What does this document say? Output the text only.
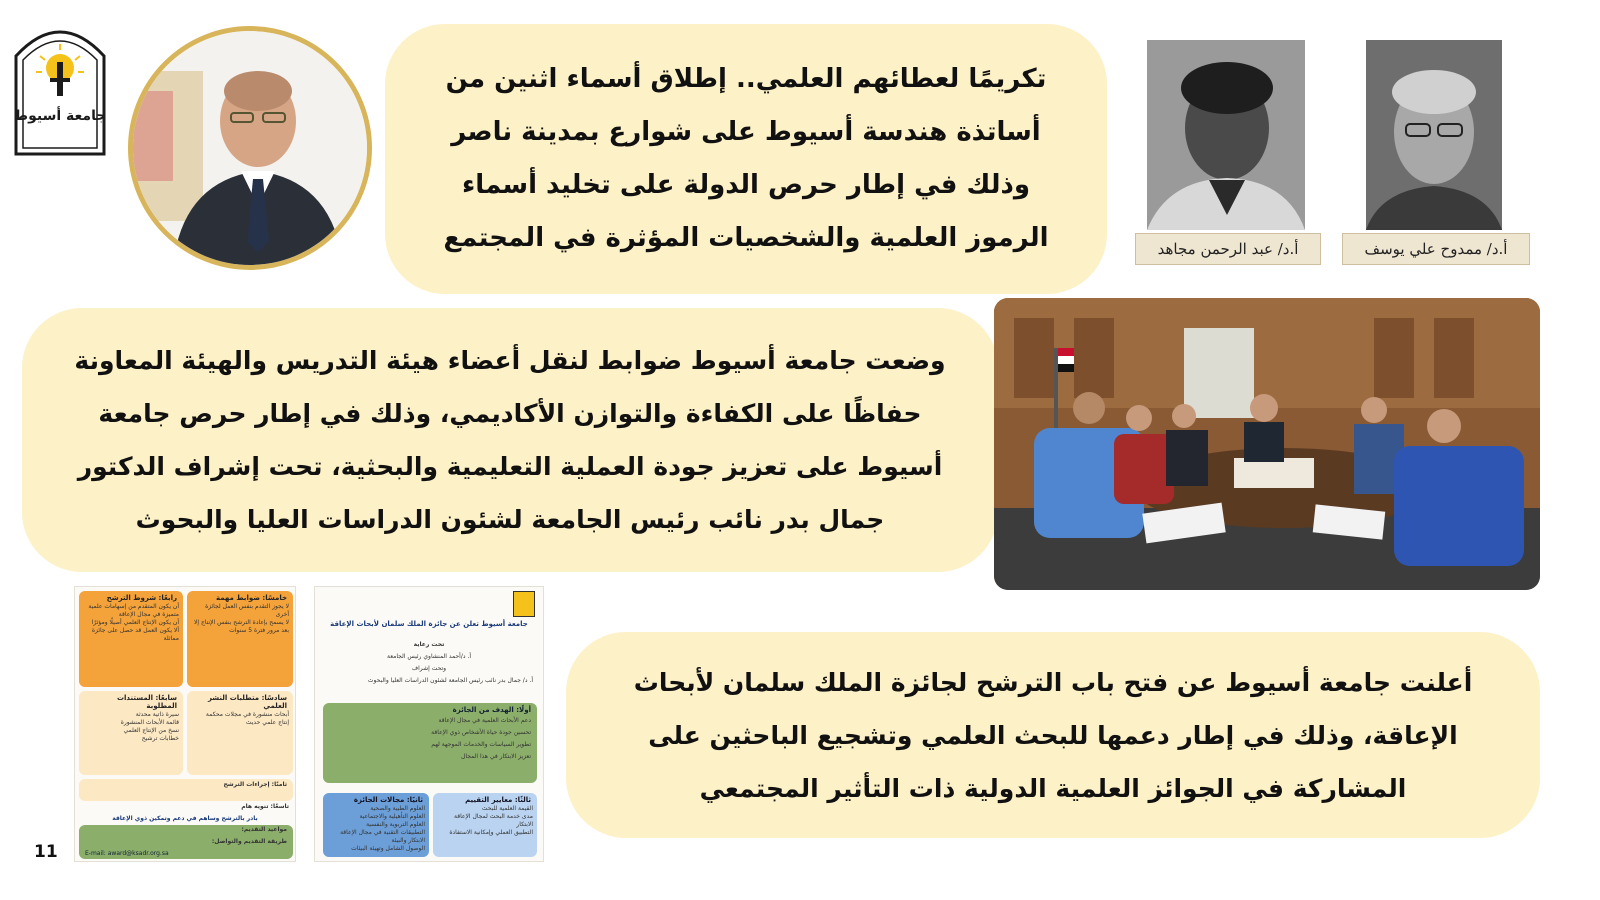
جامعة أسيوط

تكريمًا لعطائهم العلمي.. إطلاق أسماء اثنين من أساتذة هندسة أسيوط على شوارع بمدينة ناصر وذلك في إطار حرص الدولة على تخليد أسماء الرموز العلمية والشخصيات المؤثرة في المجتمع	أ.د/ عبد الرحمن مجاهد	أ.د/ ممدوح علي يوسف

وضعت جامعة أسيوط ضوابط لنقل أعضاء هيئة التدريس والهيئة المعاونة حفاظًا على الكفاءة والتوازن الأكاديمي، وذلك في إطار حرص جامعة أسيوط على تعزيز جودة العملية التعليمية والبحثية، تحت إشراف الدكتور جمال بدر نائب رئيس الجامعة لشئون الدراسات العليا والبحوث

جامعة أسيوط تعلن عن جائزة الملك سلمان لأبحاث الإعاقة
تحت رعاية
أ. د/أحمد المنشاوي رئيس الجامعة
وتحت إشراف
أ. د/ جمال بدر نائب رئيس الجامعة لشئون الدراسات العليا والبحوث
أولًا: الهدف من الجائزة
دعم الأبحاث العلمية في مجال الإعاقة
تحسين جودة حياة الأشخاص ذوي الإعاقة
تطوير السياسات والخدمات الموجهة لهم
تعزيز الابتكار في هذا المجال
ثانيًا: مجالات الجائزة
العلوم الطبية والصحية
العلوم التأهيلية والاجتماعية
العلوم التربوية والنفسية
التطبيقات التقنية في مجال الإعاقة
الابتكار والبيئة
الوصول الشامل وتهيئة البيئات
ثالثًا: معايير التقييم
القيمة العلمية للبحث
مدى خدمة البحث لمجال الإعاقة
الابتكار
التطبيق العملي وإمكانية الاستفادة
رابعًا: شروط الترشح
أن يكون المتقدم من إسهامات علمية متميزة في مجال الإعاقة
أن يكون الإنتاج العلمي أصيلًا ومؤثرًا
ألا يكون العمل قد حصل على جائزة مماثلة
خامسًا: ضوابط مهمة
لا يجوز التقدم بنفس العمل لجائزة أخرى
لا يسمح بإعادة الترشح بنفس الإنتاج إلا بعد مرور فترة 5 سنوات
سابعًا: المستندات المطلوبة
سيرة ذاتية محدثة
قائمة الأبحاث المنشورة
نسخ من الإنتاج العلمي
خطابات ترشيح
سادسًا: متطلبات النشر العلمي
أبحاث منشورة في مجلات محكمة
إنتاج علمي حديث
ثامنًا: إجراءات الترشح
تاسعًا: تنويه هام
بادر بالترشح وساهم في دعم وتمكين ذوي الإعاقة
مواعيد التقديم:
طريقة التقديم والتواصل:
E-mail: award@ksadr.org.sa

أعلنت جامعة أسيوط عن فتح باب الترشح لجائزة الملك سلمان لأبحاث الإعاقة، وذلك في إطار دعمها للبحث العلمي وتشجيع الباحثين على المشاركة في الجوائز العلمية الدولية ذات التأثير المجتمعي

11
